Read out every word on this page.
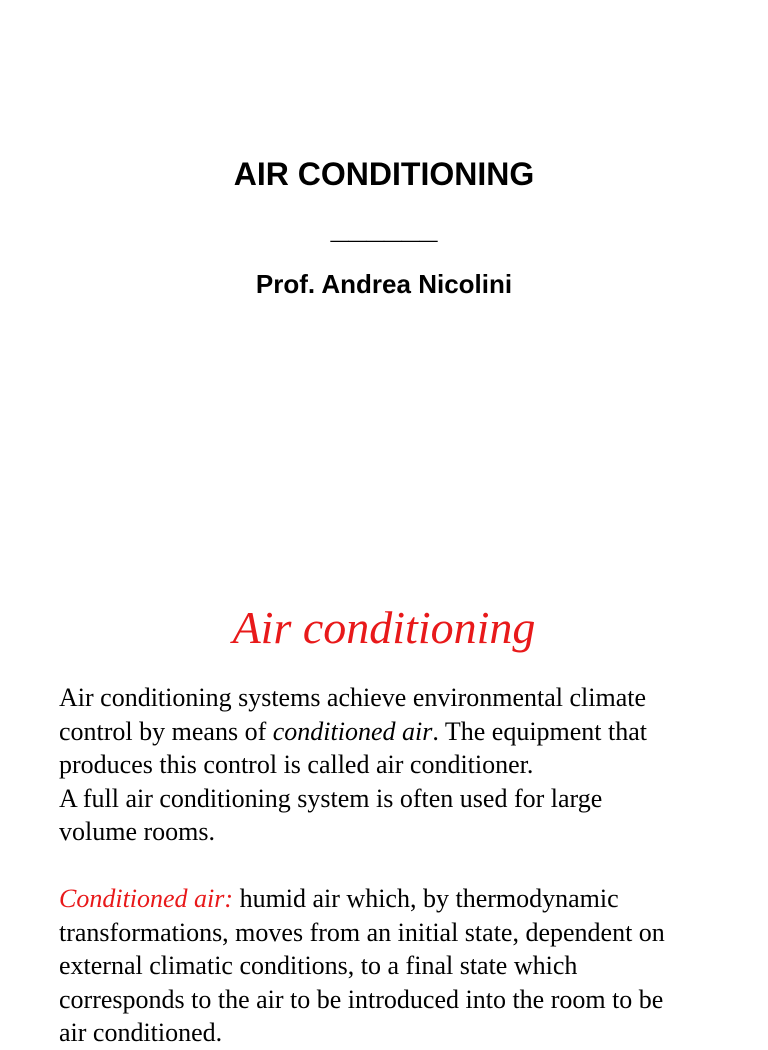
AIR CONDITIONING
______
Prof. Andrea Nicolini
Air conditioning
Air conditioning systems achieve environmental climate
control by means of conditioned air. The equipment that
produces this control is called air conditioner.
A full air conditioning system is often used for large
volume rooms.
Conditioned air: humid air which, by thermodynamic
transformations, moves from an initial state, dependent on
external climatic conditions, to a final state which
corresponds to the air to be introduced into the room to be
air conditioned.
